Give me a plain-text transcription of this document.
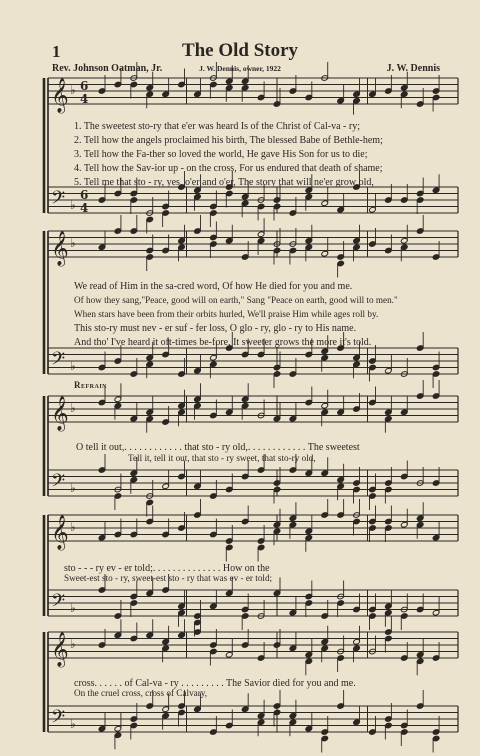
𝄞 ♭ 6
4
𝄢 ♭
6
4
𝄞 ♭
𝄢 ♭
𝄞 ♭
𝄢 ♭
𝄞 ♭
𝄢 ♭
𝄞 ♭
𝄢 ♭
1	The Old Story
Rev. Johnson Oatman, Jr.	J. W. Dennis, owner, 1922	J. W. Dennis
1. The sweetest sto-ry that e'er was heard Is of the Christ of Cal-va - ry;
2. Tell how the angels proclaimed his birth, The blessed Babe of Bethle-hem;
3. Tell how the Fa-ther so loved the world, He gave His Son for us to die;
4. Tell how the Sav-ior up - on the cross, For us endured that death of shame;
5. Tell me that sto - ry, yes, o'er and o'er, The story that will ne'er grow old,
We read of Him in the sa-cred word, Of how He died for you and me.
Of how they sang,"Peace, good will on earth," Sang "Peace on earth, good will to men."
When stars have been from their orbits hurled, We'll praise Him while ages roll by.
This sto-ry must nev - er suf - fer loss, O glo - ry, glo - ry to His name.
And tho' I've heard it oft-times be-fore, It sweeter grows the more it's told.
Refrain
O tell it out,. . . . . . . . . . . . that sto - ry old,. . . . . . . . . . . . The sweetest
Tell it, tell it out, that sto - ry sweet, that sto-ry old,
sto - - - ry ev - er told;. . . . . . . . . . . . . . How on the
Sweet-est sto - ry, sweet-est sto - ry that was ev - er told;
cross. . . . . . of Cal-va - ry . . . . . . . . . The Savior died for you and me.
On the cruel cross, cross of Calvary,
